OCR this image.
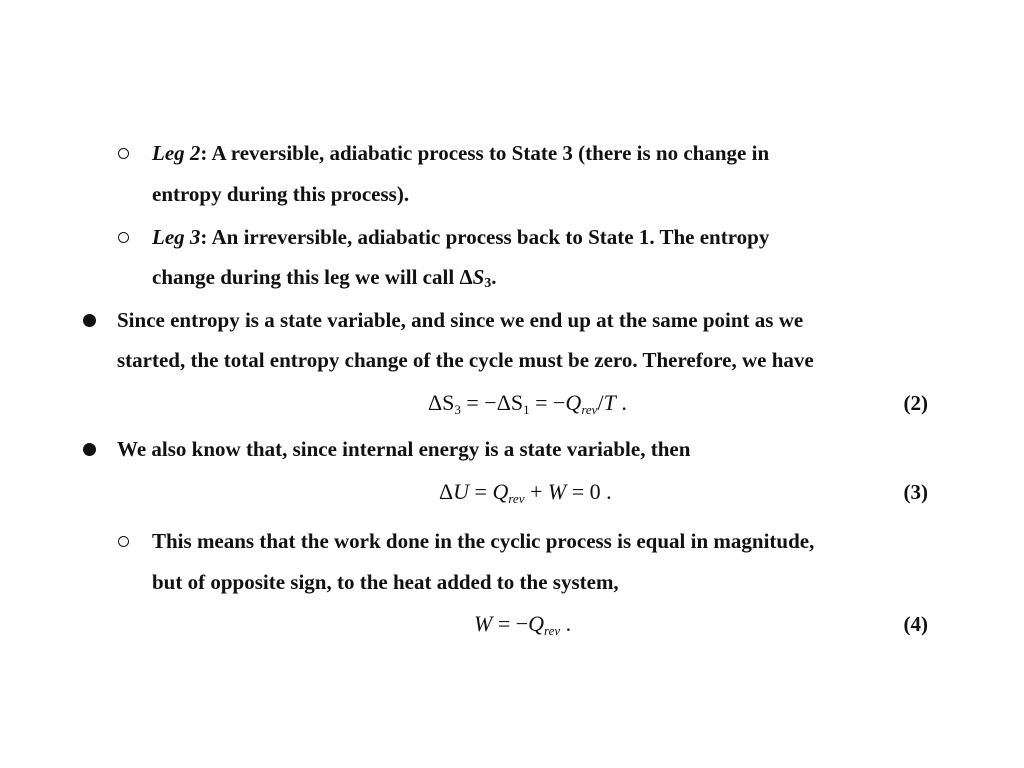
Leg 2: A reversible, adiabatic process to State 3 (there is no change in
entropy during this process).
Leg 3: An irreversible, adiabatic process back to State 1. The entropy
change during this leg we will call $\Delta S_3$.
Since entropy is a state variable, and since we end up at the same point as we
started, the total entropy change of the cycle must be zero. Therefore, we have
$\Delta S_3 = -\Delta S_1 = -Q_{rev}/T$ .	(2)
We also know that, since internal energy is a state variable, then
$\Delta U = Q_{rev} + W = 0$ .	(3)
This means that the work done in the cyclic process is equal in magnitude,
but of opposite sign, to the heat added to the system,
$W = -Q_{rev}$ .	(4)
